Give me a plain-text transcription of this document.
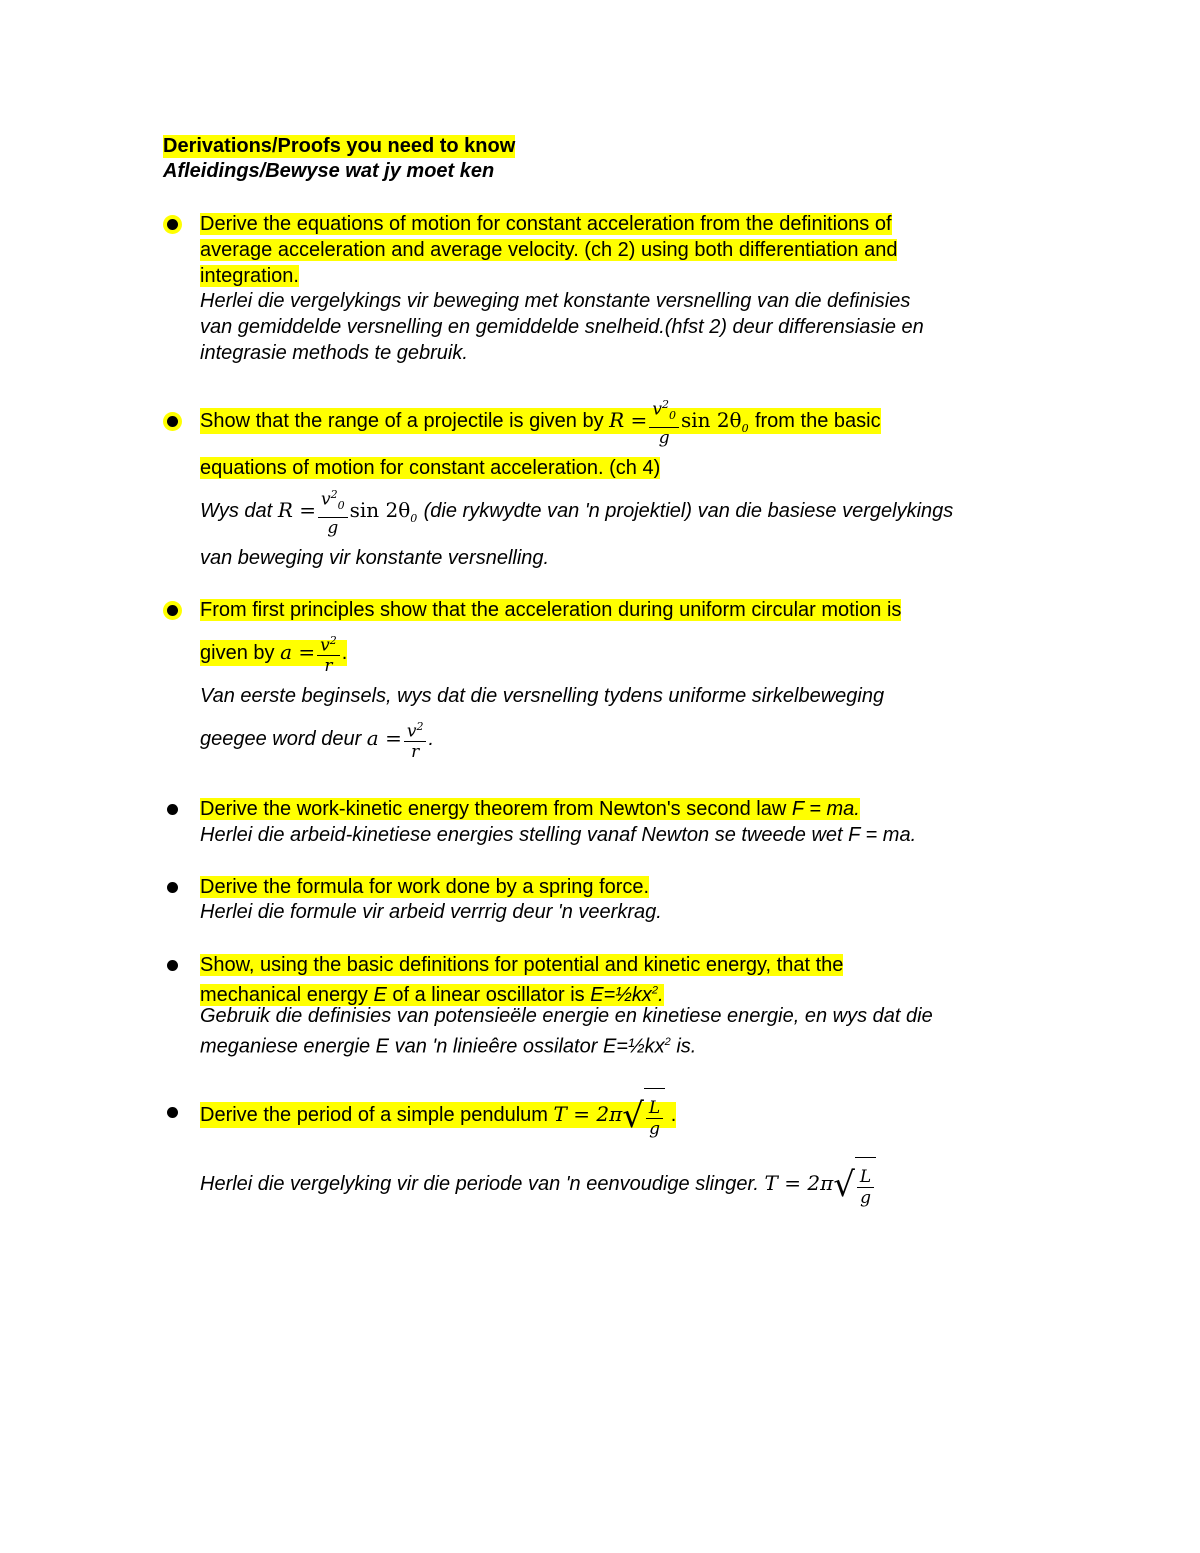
Derivations/Proofs you need to know
Afleidings/Bewyse wat jy moet ken
Derive the equations of motion for constant acceleration from the definitions of
average acceleration and average velocity. (ch 2) using both differentiation and
integration.
Herlei die vergelykings vir beweging met konstante versnelling van die definisies
van gemiddelde versnelling en gemiddelde snelheid.(hfst 2) deur differensiasie en
integrasie methods te gebruik.
Show that the range of a projectile is given by $R = \frac{v^2_0}{g}$ $\sin 2\theta_0$ from the basic
equations of motion for constant acceleration. (ch 4)
Wys dat $R = \frac{v^2_0}{g}$ $\sin 2\theta_0$ (die rykwydte van 'n projektiel) van die basiese vergelykings
van beweging vir konstante versnelling.
From first principles show that the acceleration during uniform circular motion is
given by $a = \frac{v^2}{r}$ .
Van eerste beginsels, wys dat die versnelling tydens uniforme sirkelbeweging
geegee word deur $a = \frac{v^2}{r}$ .
Derive the work-kinetic energy theorem from Newton's second law F = ma.
Herlei die arbeid-kinetiese energies stelling vanaf Newton se tweede wet F = ma.
Derive the formula for work done by a spring force.
Herlei die formule vir arbeid verrrig deur 'n veerkrag.
Show, using the basic definitions for potential and kinetic energy, that the
mechanical energy E of a linear oscillator is $E=\frac{1}{2}kx^2$.
Gebruik die definisies van potensieële energie en kinetiese energie, en wys dat die
meganiese energie E van 'n linieêre ossilator $E=\frac{1}{2}kx^2$ is.
Derive the period of a simple pendulum $T = 2\pi√ \frac{L}{g}$ .
Herlei die vergelyking vir die periode van 'n eenvoudige slinger. $T = 2\pi√ \frac{L}{g}$
